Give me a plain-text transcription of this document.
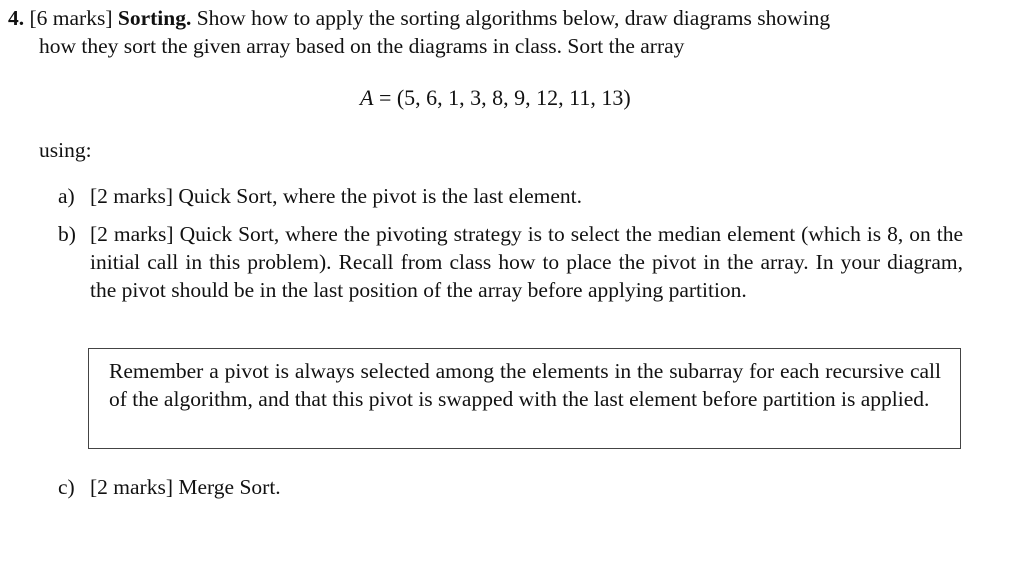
4. [6 marks] Sorting. Show how to apply the sorting algorithms below, draw diagrams showing
how they sort the given array based on the diagrams in class. Sort the array
A = (5, 6, 1, 3, 8, 9, 12, 11, 13)
using:
a) [2 marks] Quick Sort, where the pivot is the last element.
b) [2 marks] Quick Sort, where the pivoting strategy is to select the median element (which is 8, on the initial call in this problem). Recall from class how to place the pivot in the array. In your diagram, the pivot should be in the last position of the array before applying partition.
Remember a pivot is always selected among the elements in the subarray for each recursive call of the algorithm, and that this pivot is swapped with the last element before partition is applied.
c) [2 marks] Merge Sort.
